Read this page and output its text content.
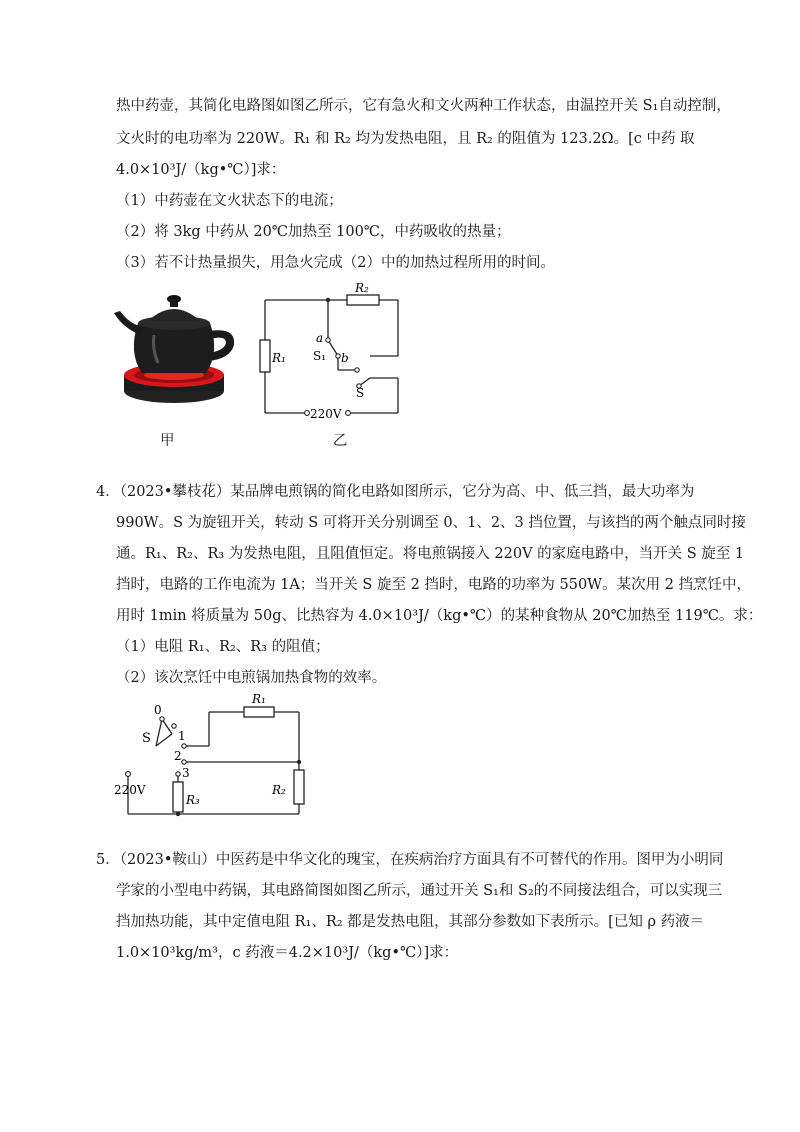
热中药壶，其简化电路图如图乙所示，它有急火和文火两种工作状态，由温控开关 S₁自动控制，
文火时的电功率为 220W。R₁ 和 R₂ 均为发热电阻，且 R₂ 的阻值为 123.2Ω。[c 中药 取
4.0×10³J/（kg•℃）]求：
（1）中药壶在文火状态下的电流；
（2）将 3kg 中药从 20℃加热至 100℃，中药吸收的热量；
（3）若不计热量损失，用急火完成（2）中的加热过程所用的时间。
甲
R₂
R₁
a
b
S₁
S
220V
乙
4．（2023•攀枝花）某品牌电煎锅的简化电路如图所示，它分为高、中、低三挡，最大功率为
990W。S 为旋钮开关，转动 S 可将开关分别调至 0、1、2、3 挡位置，与该挡的两个触点同时接
通。R₁、R₂、R₃ 为发热电阻，且阻值恒定。将电煎锅接入 220V 的家庭电路中，当开关 S 旋至 1
挡时，电路的工作电流为 1A；当开关 S 旋至 2 挡时，电路的功率为 550W。某次用 2 挡烹饪中，
用时 1min 将质量为 50g、比热容为 4.0×10³J/（kg•℃）的某种食物从 20℃加热至 119℃。求：
（1）电阻 R₁、R₂、R₃ 的阻值；
（2）该次烹饪中电煎锅加热食物的效率。
0
1
2
3
S
R₁
R₂
R₃
220V
5．（2023•鞍山）中医药是中华文化的瑰宝，在疾病治疗方面具有不可替代的作用。图甲为小明同
学家的小型电中药锅，其电路简图如图乙所示，通过开关 S₁和 S₂的不同接法组合，可以实现三
挡加热功能，其中定值电阻 R₁、R₂ 都是发热电阻，其部分参数如下表所示。[已知 ρ 药液＝
1.0×10³kg/m³，c 药液＝4.2×10³J/（kg•℃）]求：
